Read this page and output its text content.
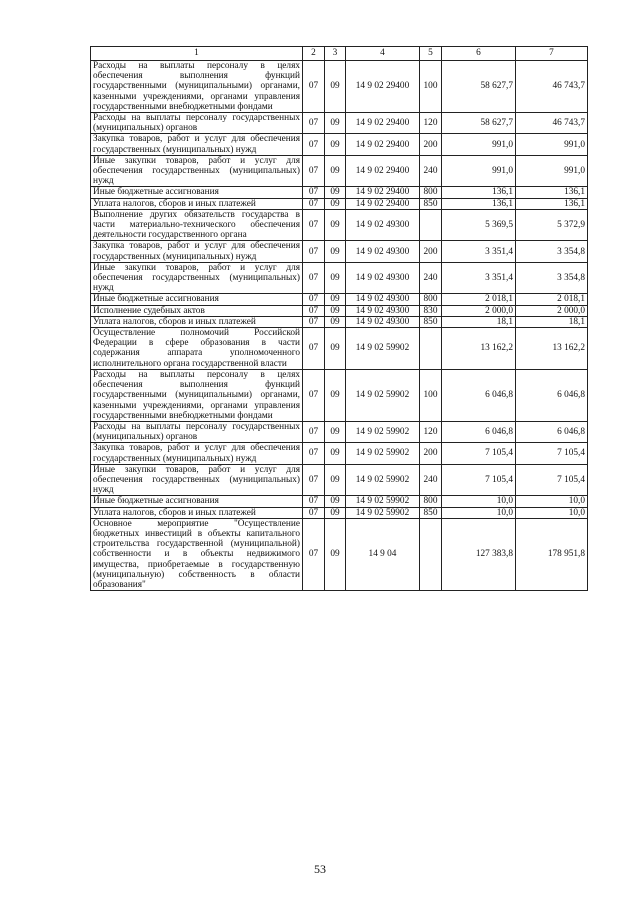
1	2	3	4	5	6	7
Расходы на выплаты персоналу в целях обеспечения выполнения функций государственными (муниципальными) органами, казенными учреждениями, органами управления государственными внебюджетными фондами	07	09	14 9 02 29400	100	58 627,7	46 743,7
Расходы на выплаты персоналу государственных (муниципальных) органов	07	09	14 9 02 29400	120	58 627,7	46 743,7
Закупка товаров, работ и услуг для обеспечения государственных (муниципальных) нужд	07	09	14 9 02 29400	200	991,0	991,0
Иные закупки товаров, работ и услуг для обеспечения государственных (муниципальных) нужд	07	09	14 9 02 29400	240	991,0	991,0
Иные бюджетные ассигнования	07	09	14 9 02 29400	800	136,1	136,1
Уплата налогов, сборов и иных платежей	07	09	14 9 02 29400	850	136,1	136,1
Выполнение других обязательств государства в части материально-технического обеспечения деятельности государственного органа	07	09	14 9 02 49300		5 369,5	5 372,9
Закупка товаров, работ и услуг для обеспечения государственных (муниципальных) нужд	07	09	14 9 02 49300	200	3 351,4	3 354,8
Иные закупки товаров, работ и услуг для обеспечения государственных (муниципальных) нужд	07	09	14 9 02 49300	240	3 351,4	3 354,8
Иные бюджетные ассигнования	07	09	14 9 02 49300	800	2 018,1	2 018,1
Исполнение судебных актов	07	09	14 9 02 49300	830	2 000,0	2 000,0
Уплата налогов, сборов и иных платежей	07	09	14 9 02 49300	850	18,1	18,1
Осуществление полномочий Российской Федерации в сфере образования в части содержания аппарата уполномоченного исполнительного органа государственной власти	07	09	14 9 02 59902		13 162,2	13 162,2
Расходы на выплаты персоналу в целях обеспечения выполнения функций государственными (муниципальными) органами, казенными учреждениями, органами управления государственными внебюджетными фондами	07	09	14 9 02 59902	100	6 046,8	6 046,8
Расходы на выплаты персоналу государственных (муниципальных) органов	07	09	14 9 02 59902	120	6 046,8	6 046,8
Закупка товаров, работ и услуг для обеспечения государственных (муниципальных) нужд	07	09	14 9 02 59902	200	7 105,4	7 105,4
Иные закупки товаров, работ и услуг для обеспечения государственных (муниципальных) нужд	07	09	14 9 02 59902	240	7 105,4	7 105,4
Иные бюджетные ассигнования	07	09	14 9 02 59902	800	10,0	10,0
Уплата налогов, сборов и иных платежей	07	09	14 9 02 59902	850	10,0	10,0
Основное мероприятие "Осуществление бюджетных инвестиций в объекты капитального строительства государственной (муниципальной) собственности и в объекты недвижимого имущества, приобретаемые в государственную (муниципальную) собственность в области образования"	07	09	14 9 04		127 383,8	178 951,8
53
